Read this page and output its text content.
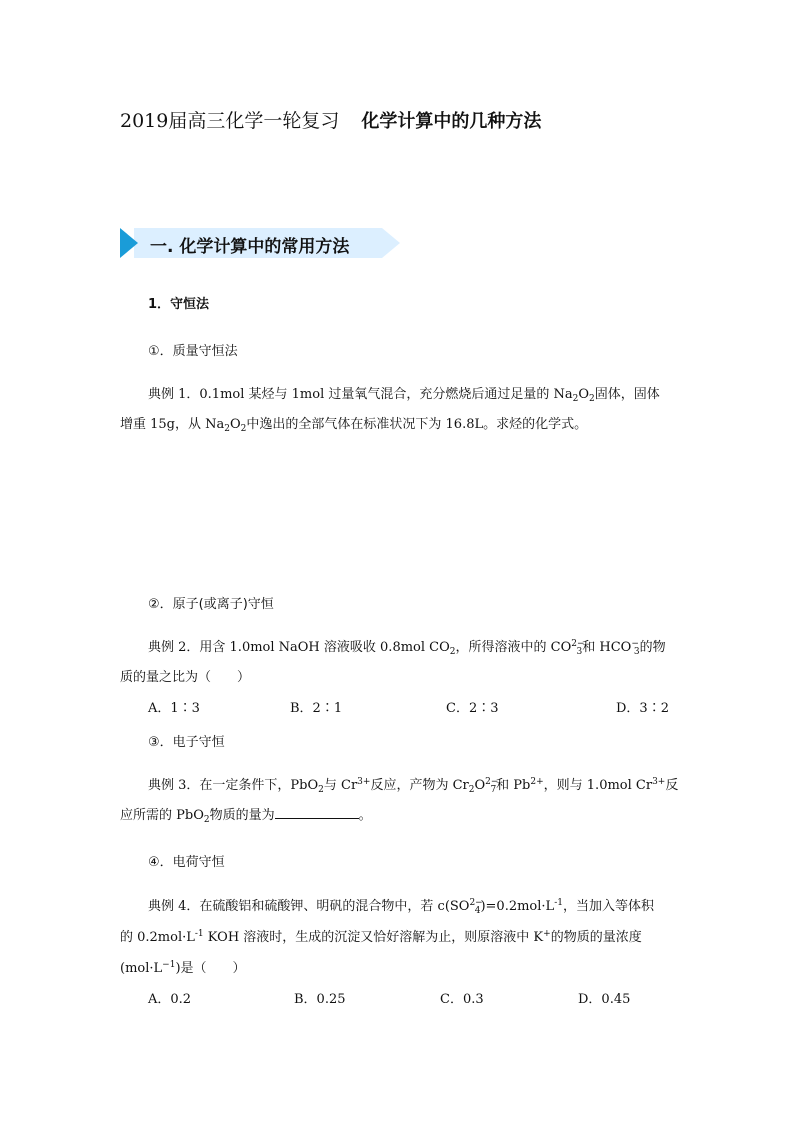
2019届高三化学一轮复习 化学计算中的几种方法
一. 化学计算中的常用方法
1．守恒法
①．质量守恒法
典例 1．0.1mol 某烃与 1mol 过量氧气混合，充分燃烧后通过足量的 $Na_2O_2$固体，固体
增重 15g，从 $Na_2O_2$中逸出的全部气体在标准状况下为 16.8L。求烃的化学式。
②．原子(或离子)守恒
典例 2．用含 1.0mol NaOH 溶液吸收 0.8mol $CO_2$，所得溶液中的 $CO^{2-}_3$和 $HCO^-_3$的物
质的量之比为（　　）
A．1∶3	B．2∶1	C．2∶3	D．3∶2
③．电子守恒
典例 3．在一定条件下，PbO$_2$与 $Cr^{3+}$反应，产物为 $Cr_2O^{2-}_7$和 $Pb^{2+}$，则与 1.0mol $Cr^{3+}$反
应所需的 PbO$_2$物质的量为	。
④．电荷守恒
典例 4．在硫酸铝和硫酸钾、明矾的混合物中，若 $c(SO^{2-}_4)=0.2mol\cdot L^{-1}$，当加入等体积
的 $0.2mol\cdot L^{-1}$ KOH 溶液时，生成的沉淀又恰好溶解为止，则原溶液中 K+的物质的量浓度
$(mol\cdot L^{-1})$是（　　）
A．0.2	B．0.25	C．0.3	D．0.45
